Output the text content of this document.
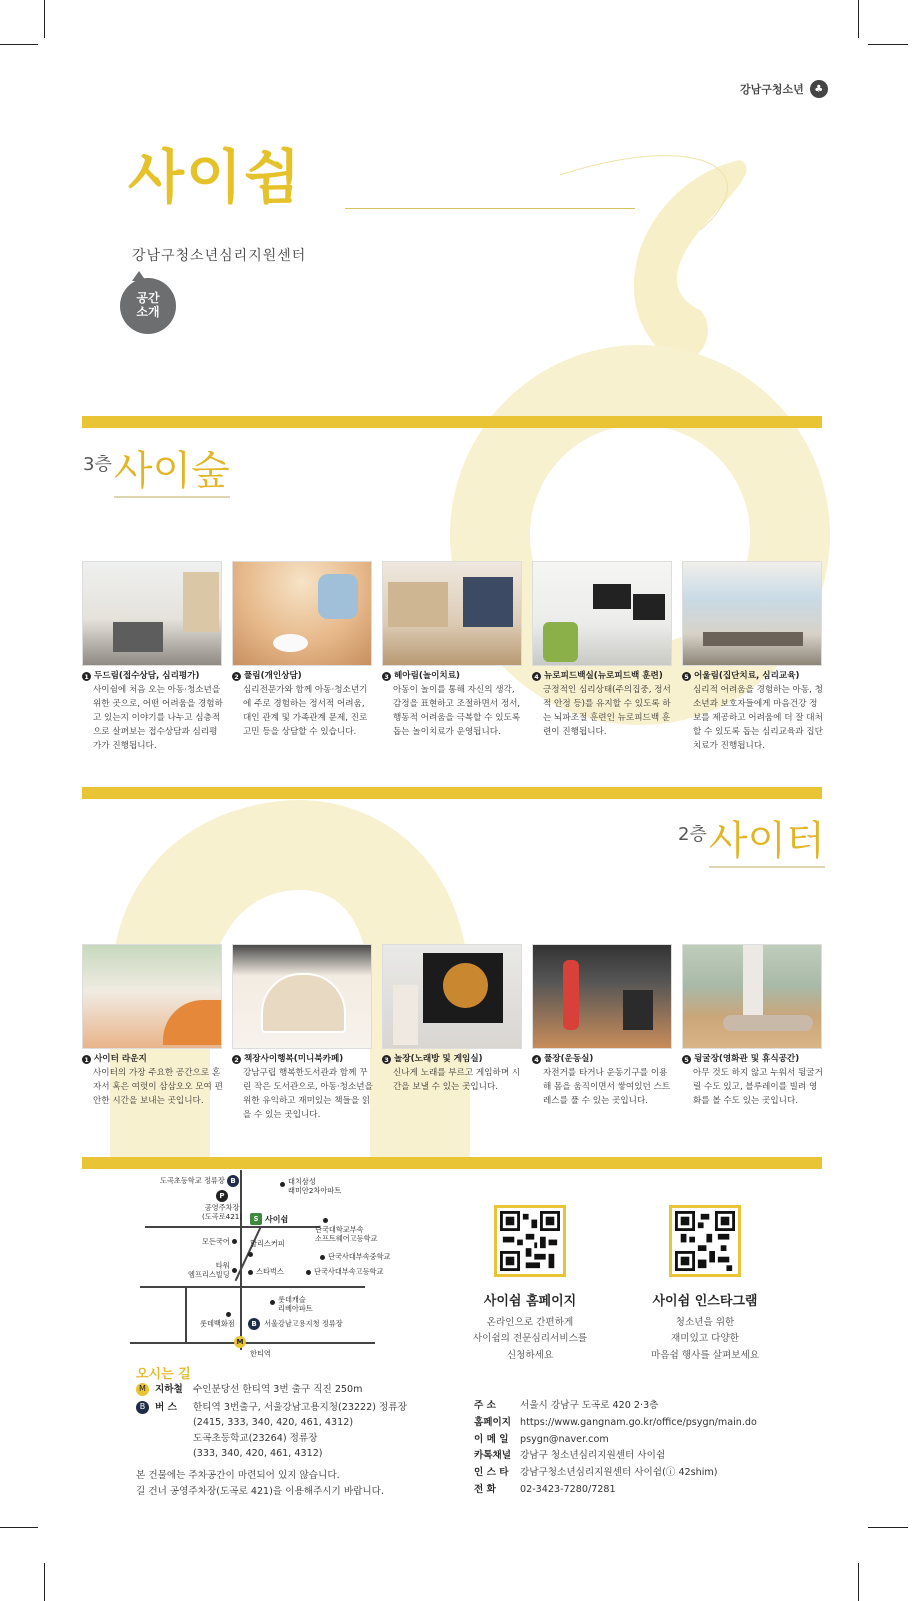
강남구청소년	♣
사이쉼
강남구청소년심리지원센터
공간
소개
3층 사이숲
1 두드림(접수상담, 심리평가)
사이쉼에 처음 오는 아동·청소년을 위한 곳으로, 어떤 어려움을 경험하고 있는지 이야기를 나누고 심층적으로 살펴보는 접수상담과 심리평가가 진행됩니다.
2 풀림(개인상담)
심리전문가와 함께 아동·청소년기에 주로 경험하는 정서적 어려움, 대인 관계 및 가족관계 문제, 진로 고민 등을 상담할 수 있습니다.
3 헤아림(놀이치료)
아동이 놀이를 통해 자신의 생각, 감정을 표현하고 조절하면서 정서, 행동적 어려움을 극복할 수 있도록 돕는 놀이치료가 운영됩니다.
4 뉴로피드백실(뉴로피드백 훈련)
긍정적인 심리상태(주의집중, 정서적 안정 등)를 유지할 수 있도록 하는 뇌파조절 훈련인 뉴로피드백 훈련이 진행됩니다.
5 어울림(집단치료, 심리교육)
심리적 어려움을 경험하는 아동, 청소년과 보호자들에게 마음건강 정보를 제공하고 어려움에 더 잘 대처할 수 있도록 돕는 심리교육과 집단치료가 진행됩니다.
2층 사이터
1 사이터 라운지
사이터의 가장 주요한 공간으로 혼자서 혹은 여럿이 삼삼오오 모여 편안한 시간을 보내는 곳입니다.
2 책장사이행복(미니북카페)
강남구립 행복한도서관과 함께 꾸린 작은 도서관으로, 아동·청소년을 위한 유익하고 재미있는 책들을 읽을 수 있는 곳입니다.
3 놀장(노래방 및 게임실)
신나게 노래를 부르고 게임하며 시간을 보낼 수 있는 곳입니다.
4 풀장(운동실)
자전거를 타거나 운동기구를 이용해 몸을 움직이면서 쌓여있던 스트레스를 풀 수 있는 곳입니다.
5 뒹굴장(영화관 및 휴식공간)
아무 것도 하지 않고 누워서 뒹굴거릴 수도 있고, 블루레이를 빌려 영화를 볼 수도 있는 곳입니다.
도곡초등학교 정류장 B
P
공영주차장
(도곡로421)
대치삼성
래미안2차아파트
S 사이쉼
단국대학교부속
소프트웨어고등학교
모든국어	할리스커피
단국사대부속중학교
타워
엠프리스빌딩	스타벅스	단국사대부속고등학교
롯데캐슬
리베아파트
롯데백화점	B	서울강남고용지청 정류장
M
한티역
오시는 길
M 지하철	수인분당선 한티역 3번 출구 직진 250m
B	버 스	한티역 3번출구, 서울강남고용지청(23222) 정류장
(2415, 333, 340, 420, 461, 4312)
도곡초등학교(23264) 정류장
(333, 340, 420, 461, 4312)
본 건물에는 주차공간이 마련되어 있지 않습니다.
길 건너 공영주차장(도곡로 421)을 이용해주시기 바랍니다.
사이쉼 홈페이지
온라인으로 간편하게
사이쉼의 전문심리서비스를
신청하세요
사이쉼 인스타그램
청소년을 위한
재미있고 다양한
마음쉼 행사를 살펴보세요
주 소	서울시 강남구 도곡로 420 2·3층
홈페이지 https://www.gangnam.go.kr/office/psygn/main.do
이 메 일	psygn@naver.com
카톡채널 강남구 청소년심리지원센터 사이쉼
인 스 타	강남구청소년심리지원센터 사이쉼(ⓘ 42shim)
전 화	02-3423-7280/7281
